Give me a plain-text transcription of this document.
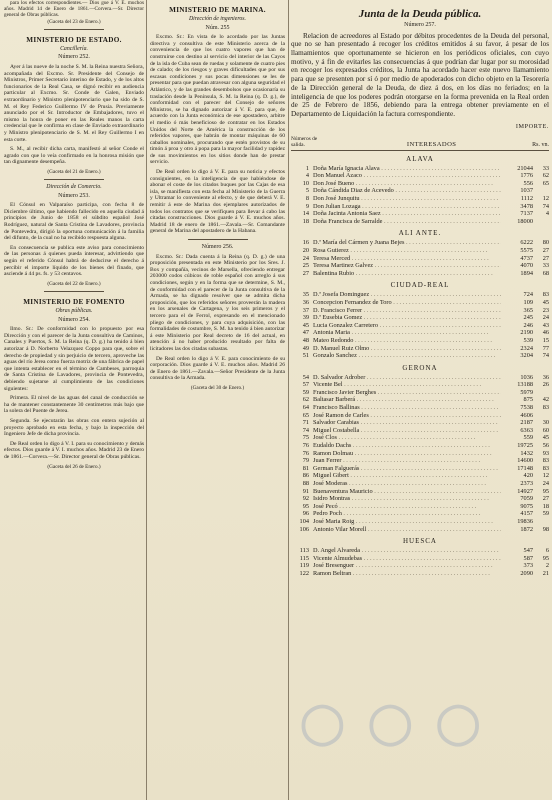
para los efectos correspondientes.— Dios gue á V. E. muchos años. Madrid 14 de Enero de 1861.—Corvera.—Sr. Director general de Obras públicas.

(Gaceta del 23 de Enero.)

MINISTERIO DE ESTADO.

Cancillería.

Número 252.

Ayer á las nueve de la noche S. M. la Reina nuestra Señora, acompañada del Excmo. Sr. Presidente del Consejo de Ministros, Primer Secretario interino de Estado, y de los altos funcionarios de la Real Casa, se dignó recibir en audiencia particular al Excmo. Sr. Conde de Galen, Enviado extraordinario y Ministro plenipotenciario que ha sido de S. M. el Rey Federico Guillermo IV de Prusia. Previamente anunciado por el Sr. Introductor de Embajadores, tuvo el mismo la honra de poner en las Reales manos la carta credencial que le confirma en clase de Enviado extraordinario y Ministro plenipotenciario de S. M. el Rey Guillermo I en esta corte.

S. M., al recibir dicha carta, manifestó al señor Conde el agrado con que lo veía confirmado en la honrosa misión que tan dignamente desempeña.

(Gaceta del 21 de Enero.)

Dirección de Comercio.

Número 253.

El Cónsul en Valparaíso participa, con fecha 8 de Diciembre último, que habiendo fallecido en aquella ciudad á principios de Junio de 1858 el súbdito español José Rodríguez, natural de Santa Cristina de Lavadores, provincia de Pontevedra, dirigió la oportuna comunicación á la familia del difunto, de la cual no ha recibido respuesta alguna.

En consecuencia se publica este aviso para conocimiento de las personas á quienes pueda interesar, advirtiendo que según el referido Cónsul habrá de deducirse el derecho á percibir el importe líquido de los bienes del finado, que asciende á 44 ps. fs. y 53 centavos.

(Gaceta del 22 de Enero.)

MINISTERIO DE FOMENTO

Obras públicas.

Número 254.

Ilmo. Sr.: De conformidad con lo propuesto por esa Dirección y con el parecer de la Junta consultiva de Caminos, Canales y Puertos, S. M. la Reina (q. D. g.) ha tenido á bien autorizar á D. Norberto Velazquez Coppo para que, sobre el derecho de propiedad y sin perjuicio de tercero, aproveche las aguas del río Jerea como fuerza motriz de una fábrica de papel que intenta establecer en el término de Cambeses, parroquia de Santa Cristina de Lavadores, provincia de Pontevedra, debiendo sujetarse al cumplimiento de las condiciones siguientes:

Primera. El nivel de las aguas del canal de conducción se ha de mantener constantemente 30 centímetros más bajo que la solera del Puente de Jerea.

Segunda. Se ejecutarán las obras con entera sujeción al proyecto aprobado en esta fecha, y bajo la inspección del Ingeniero Jefe de dicha provincia.

De Real orden lo digo á V. I. para su conocimiento y demás efectos. Dios guarde á V. I. muchos años. Madrid 23 de Enero de 1861.—Corvera.—Sr. Director general de Obras públicas.

(Gaceta del 26 de Enero.)

MINISTERIO DE MARINA.

Dirección de ingenieros.

Núm. 255

Excmo. Sr.: En vista de lo acordado por las Juntas directiva y consultiva de este Ministerio acerca de la conveniencia de que los cuatro vapores que han de construirse con destino al servicio del interior de las Cayos de la isla de Cuba sean de ruedas y solamente de cuatro pies de calado; de los riesgos y graves dificultades que por sus escasas condiciones y sus pocas dimensiones se les de presentar para que puedan atravesar con alguna seguridad el Atlántico, y de las grandes desembolsos que ocasionaría su traslación desde la Península, S. M. la Reina (q. D. g.), de conformidad con el parecer del Consejo de señores Ministros, se ha dignado autorizar á V. E. para que, de acuerdo con la Junta económica de ese apostadero, arbitre el medio ó más beneficioso de contratar en los Estados Unidos del Norte de América la construcción de los referidos vapores, que habrán de montar máquinas de 60 caballos nominales, procurando que estén provistos de su timón á proa y otro á popa para la mayor facilidad y rapidez de sus movimientos en los sitios donde han de prestar servicio.

De Real orden lo digo á V. E. para su noticia y efectos consiguientes, en la inteligencia de que habiéndose de abonar el coste de los citados buques por las Cajas de esa isla, se manifiesta con esta fecha al Ministerio de la Guerra y Ultramar lo conveniente al efecto, y de que deberá V. E. remitir á este de Marina dos ejemplares autorizados de todos los contratos que se verifiquen para llevar á cabo las citadas construcciones. Dios guarde á V. E. muchos años. Madrid 18 de enero de 1861.—Zavala.—Sr. Comandante general de Marina del apostadero de la Habana.

Número 256.

Excmo. Sr.: Dada cuenta á la Reina (q. D. g.) de una proposición presentada en este Ministerio por los Sres. J. Box y compañía, vecinos de Marsella, ofreciendo entregar 203000 codos cúbicos de roble español con arreglo á sus condiciones, según y en la forma que se determine, S. M., de conformidad con el parecer de la Junta consultiva de la Armada, se ha dignado resolver que se admita dicha proposición, que los referidos señores proveerán la madera en los arsenales de Cartagena, y los seis primeros y el tercero para el de Ferrol, expresando en el mencionado pliego de condiciones, y para cuya adquisición, con las formalidades de costumbre, S. M. ha tenido á bien autorizar á este Ministerio por Real decreto de 16 del actual, en atención á no haber producido resultado por falta de licitadores las dos citadas subastas.

De Real orden lo digo á V. E. para conocimiento de su corporación. Dios guarde á V. E. muchos años. Madrid 26 de Enero de 1861.—Zavala.—Señor Presidente de la Junta consultiva de la Armada.

(Gaceta del 30 de Enero.)

Junta de la Deuda pública.

Número 257.

Relacion de acreedores al Estado por débitos procedentes de la Deuda del personal, que no se han presentado á recoger los créditos emitidos á su favor, á pesar de los llamamientos que oportunamente se hicieron en los periódicos oficiales, con cuyo motivo, y á fin de evitarles las consecuencias á que podrían dar lugar por su morosidad en recoger los expresados créditos, la Junta ha acordado hacer este nuevo llamamiento para que se presenten por sí ó por medio de apoderados con dicho objeto en la Tesorería de la Dirección general de la Deuda, de diez á dos, en los días no feriados; en la inteligencia de que los poderes podrán otorgarse en la forma prevenida en la Real orden de 25 de Febrero de 1856, debiendo para la entrega obtener previamente en el Departamento de Liquidación la factura correspondiente.

IMPORTE.
Números de salida.	INTERESADOS	Rs. vn.
ALAVA
1 Doña María Ignacia Alava . . .	21044	33
4 Don Manuel Azaco . . .	1776	62
10 Don José Bueno . . .	556	65
5 Doña Cándida Diaz de Acevedo . . .	1037
8 Don José Junquitu . . .	1112	12
9 Don Julian Lozaga . . .	3478	74
14 Doña Jacinta Antonia Saez . . .	7137	4
18 Doña Francisca de Sarralde . . .	18000
ALI ANTE.
16 D.ª María del Cármen y Juana Bejes . . .	6222	80
20 Rosa Gutierez . . .	5575	27
24 Teresa Merced . . .	4737	27
25 Teresa Martinez Galvez . . .	4070	33
27 Balentina Rubio . . .	1894	68
CIUDAD-REAL
35 D.ª Josefa Dominguez . . .	724	83
36 Concepcion Fernandez de Toro . . .	109	45
37 D. Francisco Ferrer . . .	365	23
39 D.ª Eusebia Gomez . . .	245	24
45 Lucia Gonzalez Carretero . . .	246	43
47 Antonia Maria . . .	2190	46
48 Mateo Redondo . . .	539	15
49 D. Manuel Ruiz Olmo . . .	2324	77
51 Gonzalo Sanchez . . .	3204	74
GERONA
54 D. Salvador Adrober . . .	1036	36
57 Vicente Bel . . .	13188	26
59 Francisco Javier Berghes . . .	5979
62 Baltasar Barberá . . .	875	42
64 Francisco Ballinas . . .	7538	83
65 José Ramon de Carles . . .	4606
71 Salvador Carabias . . .	2187	30
74 Miguel Costabella . . .	6363	60
75 José Clos . . .	559	45
76 Eudaldo Dachs . . .	19725	56
76 Ramon Dolmau . . .	1432	93
79 Juan Ferrer . . .	14600	83
81 German Falguerás . . .	17148	83
86 Miguel Gibert . . .	420	12
88 José Moderas . . .	2373	24
91 Buenaventura Mauricio . . .	14927	95
92 Isidro Montras . . .	7059	27
95 José Pecó . . .	9075	18
96 Pedro Poch . . .	4157	59
104 José Maria Roig . . .	19836
106 Antonio Vilar Morell . . .	1872	98
HUESCA
113 D. Angel Alvareda . . .	547	6
115 Vicente Almudebas . . .	587	95
119 José Bresenguer . . .	373	2
122 Ramon Beltran . . .	2090	21
◯ ◯ ◯
